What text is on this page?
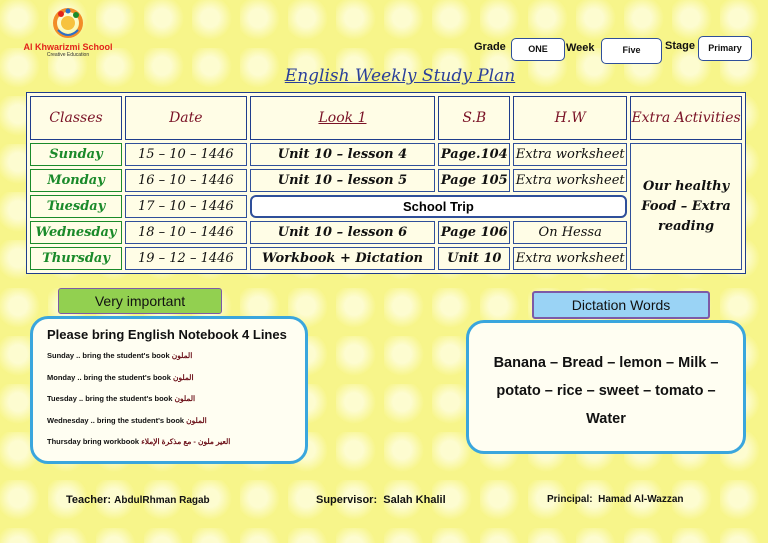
Al Khwarizmi School
Creative Education
Grade	ONE	Week	Five	Stage	Primary
English Weekly Study Plan
Classes	Date	Look 1	S.B	H.W	Extra Activities
Sunday	15 – 10 – 1446	Unit 10 – lesson 4	Page.104	Extra worksheet	Our healthy Food – Extra reading
Monday	16 – 10 – 1446	Unit 10 – lesson 5	Page 105	Extra worksheet	
Tuesday	17 – 10 – 1446	School Trip			
Wednesday	18 – 10 – 1446	Unit 10 – lesson 6	Page 106	On Hessa	
Thursday	19 – 12 – 1446	Workbook + Dictation	Unit 10	Extra worksheet	
Very important
Please bring English Notebook 4 Lines
Sunday .. bring the student's book الملون
Monday .. bring the student's book الملون
Tuesday .. bring the student's book الملون
Wednesday .. bring the student's book الملون
Thursday bring workbook العير ملون - مع مذكرة الإملاء
Dictation Words
Banana – Bread – lemon – Milk – potato – rice – sweet – tomato – Water
Teacher: AbdulRhman Ragab	Supervisor: Salah Khalil	Principal: Hamad Al-Wazzan
